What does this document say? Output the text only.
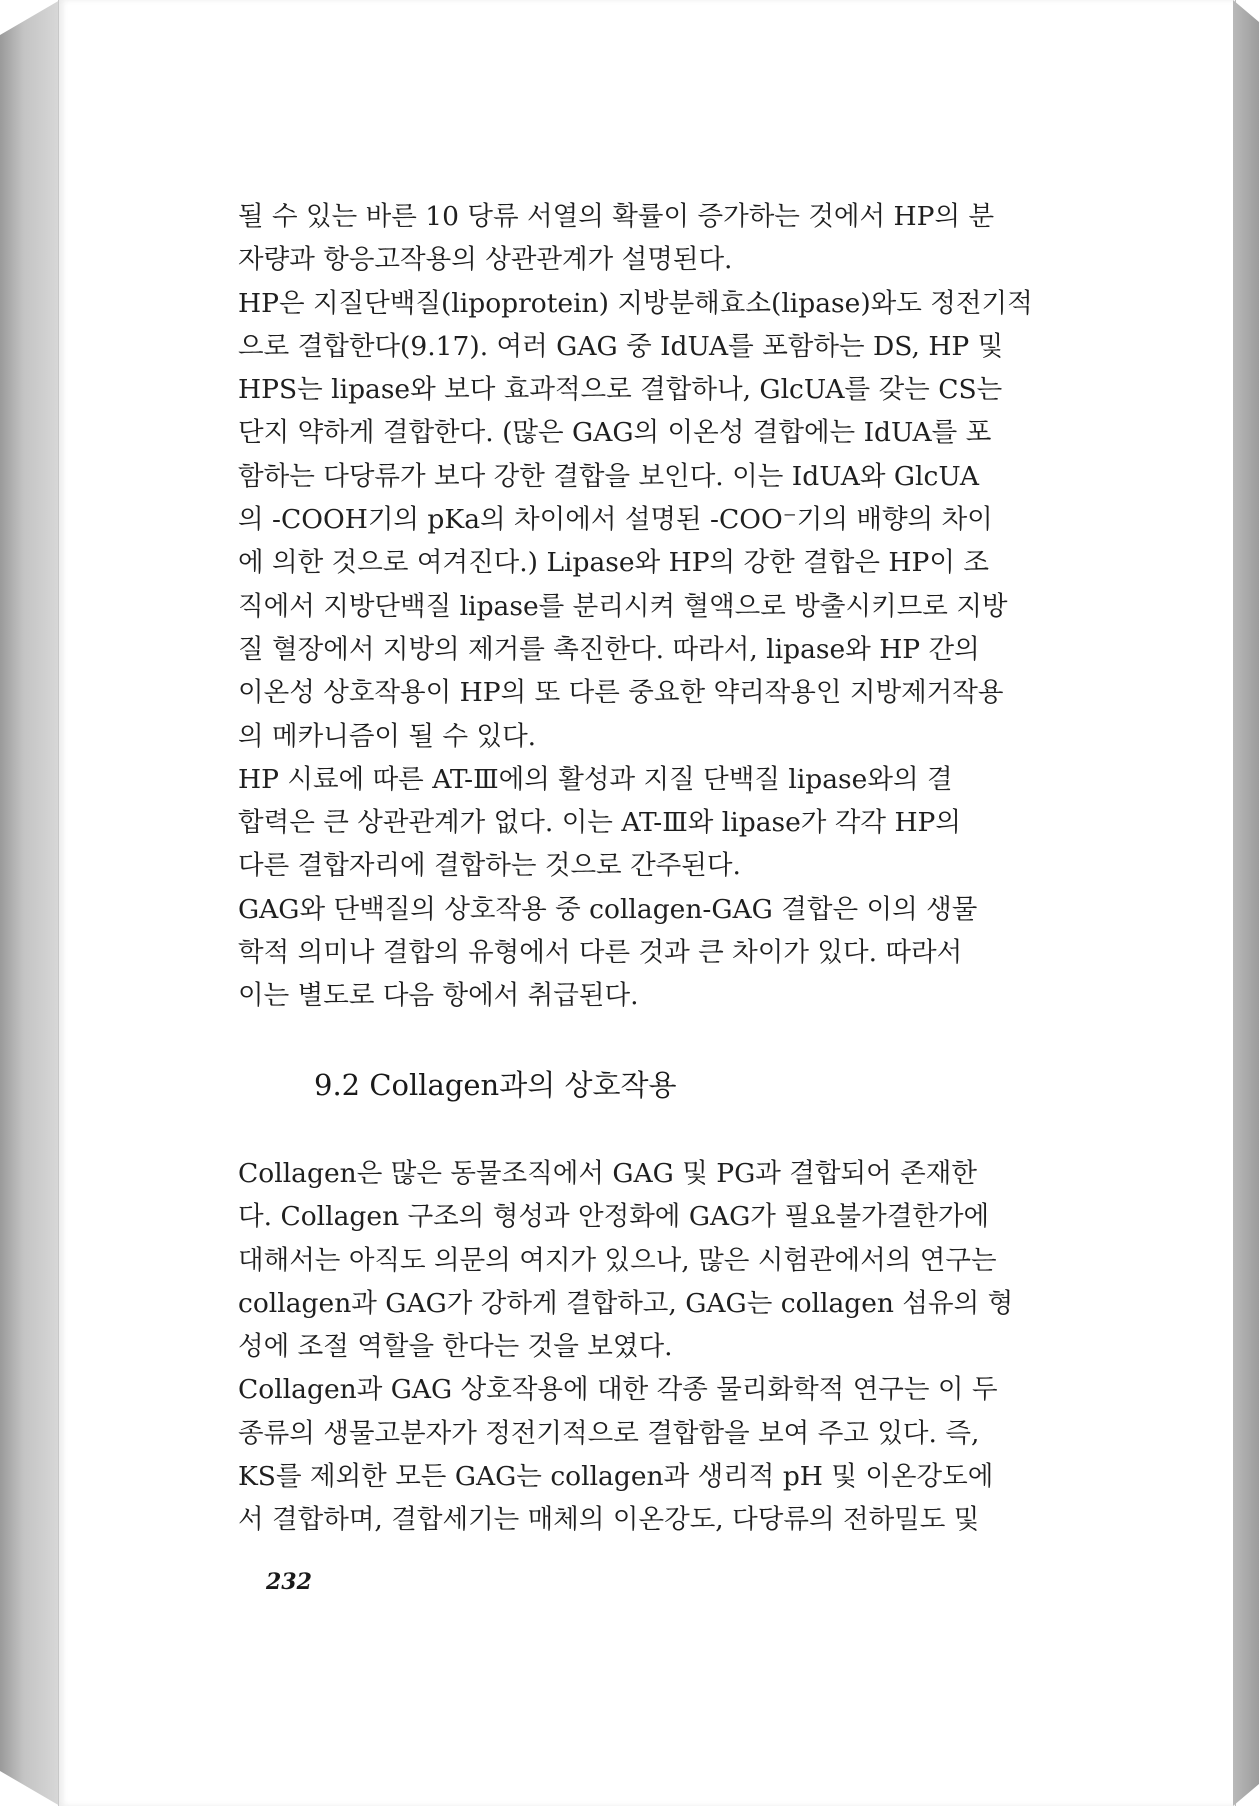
될 수 있는 바른 10 당류 서열의 확률이 증가하는 것에서 HP의 분
자량과 항응고작용의 상관관계가 설명된다.
HP은 지질단백질(lipoprotein) 지방분해효소(lipase)와도 정전기적
으로 결합한다(9.17). 여러 GAG 중 IdUA를 포함하는 DS, HP 및
HPS는 lipase와 보다 효과적으로 결합하나, GlcUA를 갖는 CS는
단지 약하게 결합한다. (많은 GAG의 이온성 결합에는 IdUA를 포
함하는 다당류가 보다 강한 결합을 보인다. 이는 IdUA와 GlcUA
의 -COOH기의 pKa의 차이에서 설명된 -COO⁻기의 배향의 차이
에 의한 것으로 여겨진다.) Lipase와 HP의 강한 결합은 HP이 조
직에서 지방단백질 lipase를 분리시켜 혈액으로 방출시키므로 지방
질 혈장에서 지방의 제거를 촉진한다. 따라서, lipase와 HP 간의
이온성 상호작용이 HP의 또 다른 중요한 약리작용인 지방제거작용
의 메카니즘이 될 수 있다.
HP 시료에 따른 AT-Ⅲ에의 활성과 지질 단백질 lipase와의 결
합력은 큰 상관관계가 없다. 이는 AT-Ⅲ와 lipase가 각각 HP의
다른 결합자리에 결합하는 것으로 간주된다.
GAG와 단백질의 상호작용 중 collagen-GAG 결합은 이의 생물
학적 의미나 결합의 유형에서 다른 것과 큰 차이가 있다. 따라서
이는 별도로 다음 항에서 취급된다.
9.2 Collagen과의 상호작용
Collagen은 많은 동물조직에서 GAG 및 PG과 결합되어 존재한
다. Collagen 구조의 형성과 안정화에 GAG가 필요불가결한가에
대해서는 아직도 의문의 여지가 있으나, 많은 시험관에서의 연구는
collagen과 GAG가 강하게 결합하고, GAG는 collagen 섬유의 형
성에 조절 역할을 한다는 것을 보였다.
Collagen과 GAG 상호작용에 대한 각종 물리화학적 연구는 이 두
종류의 생물고분자가 정전기적으로 결합함을 보여 주고 있다. 즉,
KS를 제외한 모든 GAG는 collagen과 생리적 pH 및 이온강도에
서 결합하며, 결합세기는 매체의 이온강도, 다당류의 전하밀도 및
232
